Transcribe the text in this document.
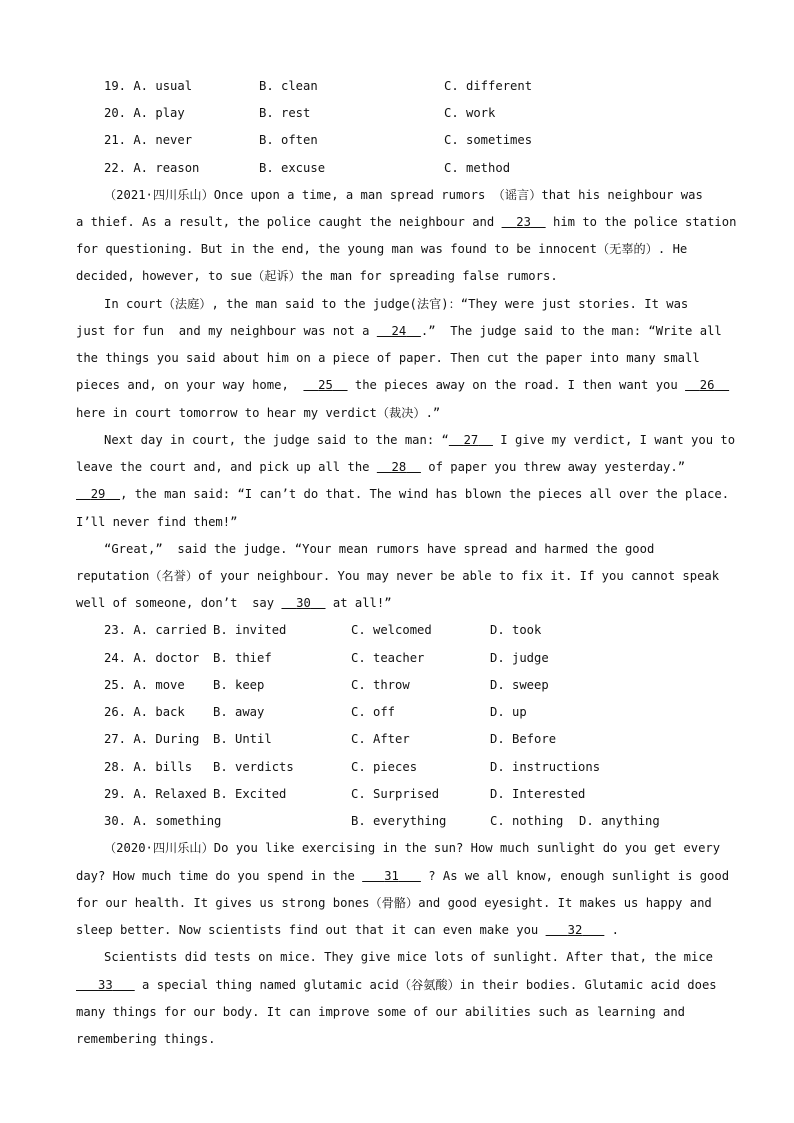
19. A. usual	B. clean	C. different
20. A. play	B. rest	C. work
21. A. never	B. often	C. sometimes
22. A. reason	B. excuse	C. method
（2021·四川乐山）Once upon a time, a man spread rumors （谣言）that his neighbour was
a thief. As a result, the police caught the neighbour and   23   him to the police station
for questioning. But in the end, the young man was found to be innocent（无辜的）. He
decided, however, to sue（起诉）the man for spreading false rumors.
In court（法庭）, the man said to the judge(法官)：“They were just stories. It was
just for fun  and my neighbour was not a   24 .”  The judge said to the man: “Write all
the things you said about him on a piece of paper. Then cut the paper into many small
pieces and, on your way home,    25   the pieces away on the road. I then want you   26
here in court tomorrow to hear my verdict（裁决）.”
Next day in court, the judge said to the man: “ 27   I give my verdict, I want you to
leave the court and, and pick up all the   28   of paper you threw away yesterday.”
29 , the man said: “I can’t do that. The wind has blown the pieces all over the place.
I’ll never find them!”
“Great,”  said the judge. “Your mean rumors have spread and harmed the good
reputation（名誉）of your neighbour. You may never be able to fix it. If you cannot speak
well of someone, don’t  say   30   at all!”
23. A. carried B. invited	C. welcomed	D. took
24. A. doctor B. thief	C. teacher	D. judge
25. A. move B. keep	C. throw	D. sweep
26. A. back B. away	C. off	D. up
27. A. During B. Until	C. After	D. Before
28. A. bills B. verdicts	C. pieces	D. instructions
29. A. Relaxed B. Excited	C. Surprised	D. Interested
30. A. something	B. everything	C. nothing D. anything
（2020·四川乐山）Do you like exercising in the sun? How much sunlight do you get every
day? How much time do you spend in the    31    ? As we all know, enough sunlight is good
for our health. It gives us strong bones（骨骼）and good eyesight. It makes us happy and
sleep better. Now scientists find out that it can even make you    32    .
Scientists did tests on mice. They give mice lots of sunlight. After that, the mice
33    a special thing named glutamic acid（谷氨酸）in their bodies. Glutamic acid does
many things for our body. It can improve some of our abilities such as learning and
remembering things.
